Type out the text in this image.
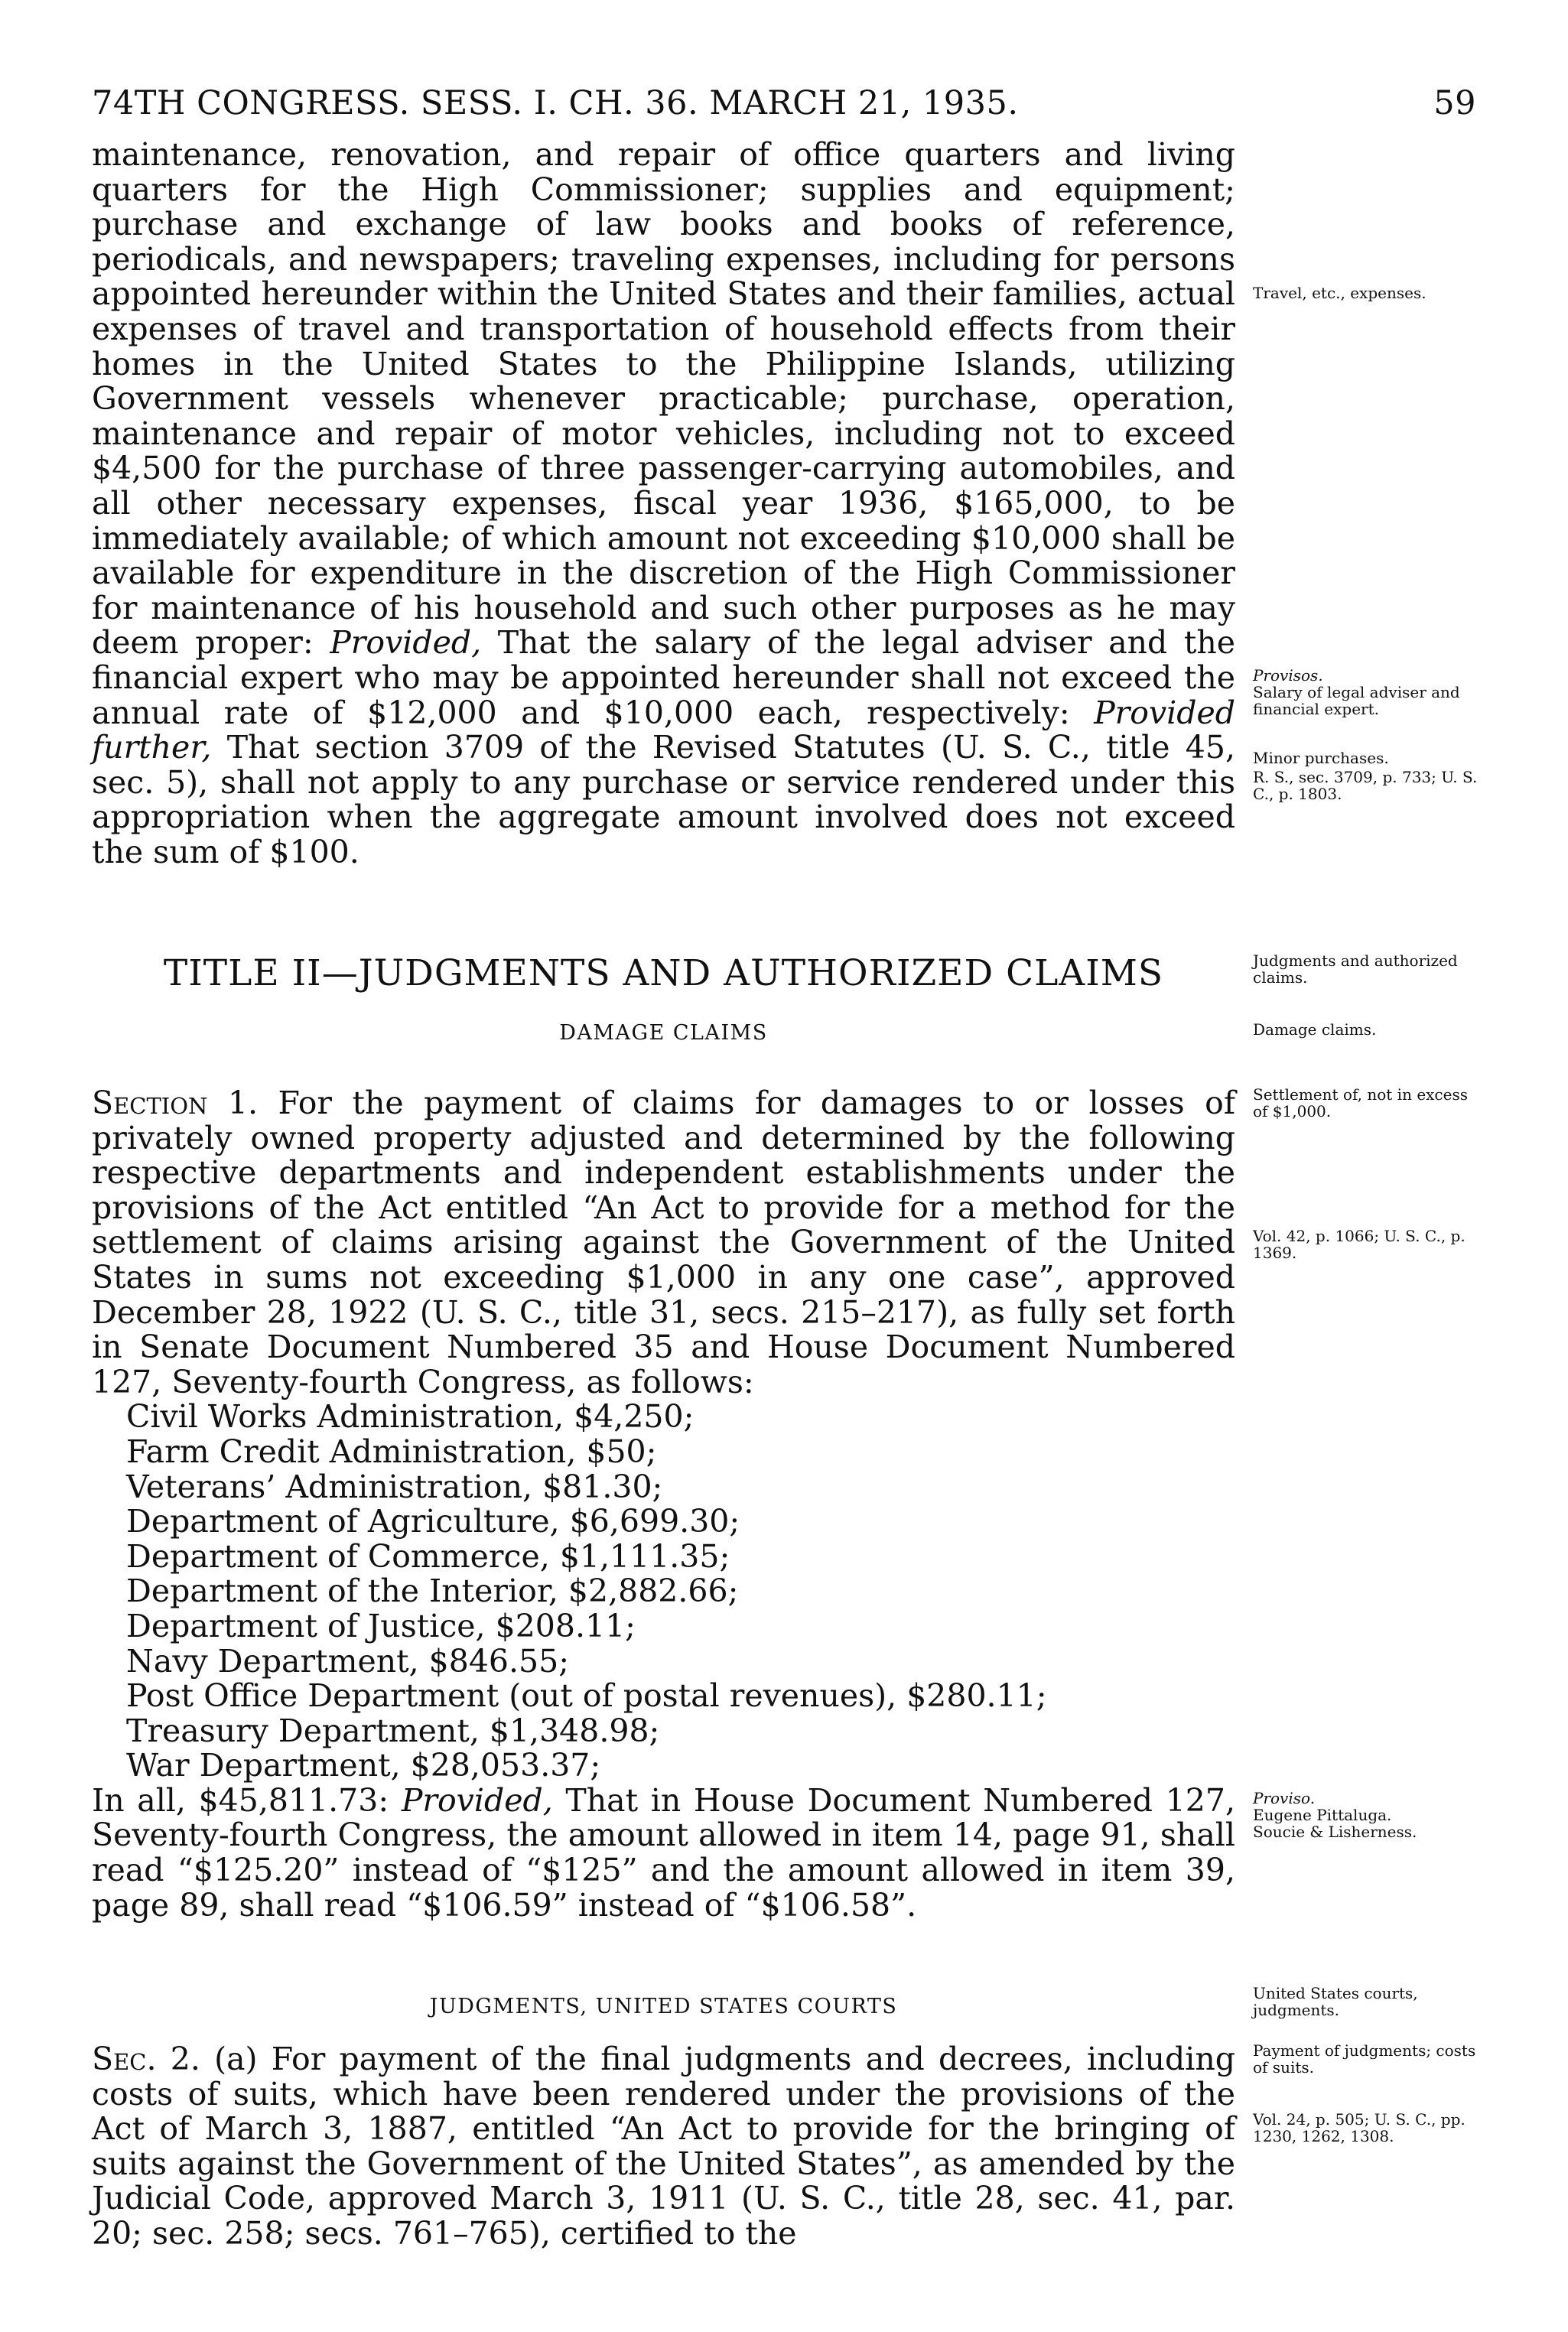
74TH CONGRESS. SESS. I. CH. 36. MARCH 21, 1935.	59

maintenance, renovation, and repair of office quarters and living quarters for the High Commissioner; supplies and equipment; purchase and exchange of law books and books of reference, periodicals, and newspapers; traveling expenses, including for persons appointed hereunder within the United States and their families, actual expenses of travel and transportation of household effects from their homes in the United States to the Philippine Islands, utilizing Government vessels whenever practicable; purchase, operation, maintenance and repair of motor vehicles, including not to exceed $4,500 for the purchase of three passenger-carrying automobiles, and all other necessary expenses, fiscal year 1936, $165,000, to be immediately available; of which amount not exceeding $10,000 shall be available for expenditure in the discretion of the High Commissioner for maintenance of his household and such other purposes as he may deem proper: Provided, That the salary of the legal adviser and the financial expert who may be appointed hereunder shall not exceed the annual rate of $12,000 and $10,000 each, respectively: Provided further, That section 3709 of the Revised Statutes (U. S. C., title 45, sec. 5), shall not apply to any purchase or service rendered under this appropriation when the aggregate amount involved does not exceed the sum of $100.

Travel, etc., expenses.
Provisos.
Salary of legal adviser and financial expert.
Minor purchases.
R. S., sec. 3709, p. 733; U. S. C., p. 1803.
TITLE II—JUDGMENTS AND AUTHORIZED CLAIMS	Judgments and authorized claims.
DAMAGE CLAIMS	Damage claims.
Section 1. For the payment of claims for damages to or losses of privately owned property adjusted and determined by the following respective departments and independent establishments under the provisions of the Act entitled “An Act to provide for a method for the settlement of claims arising against the Government of the United States in sums not exceeding $1,000 in any one case”, approved December 28, 1922 (U. S. C., title 31, secs. 215–217), as fully set forth in Senate Document Numbered 35 and House Document Numbered 127, Seventy-fourth Congress, as follows:
Civil Works Administration, $4,250;
Farm Credit Administration, $50;
Veterans’ Administration, $81.30;
Department of Agriculture, $6,699.30;
Department of Commerce, $1,111.35;
Department of the Interior, $2,882.66;
Department of Justice, $208.11;
Navy Department, $846.55;
Post Office Department (out of postal revenues), $280.11;
Treasury Department, $1,348.98;
War Department, $28,053.37;
In all, $45,811.73: Provided, That in House Document Numbered 127, Seventy-fourth Congress, the amount allowed in item 14, page 91, shall read “$125.20” instead of “$125” and the amount allowed in item 39, page 89, shall read “$106.59” instead of “$106.58”.
Settlement of, not in excess of $1,000.
Vol. 42, p. 1066; U. S. C., p. 1369.
Proviso.
Eugene Pittaluga.
Soucie & Lisherness.
JUDGMENTS, UNITED STATES COURTS
United States courts, judgments.
Sec. 2. (a) For payment of the final judgments and decrees, including costs of suits, which have been rendered under the provisions of the Act of March 3, 1887, entitled “An Act to provide for the bringing of suits against the Government of the United States”, as amended by the Judicial Code, approved March 3, 1911 (U. S. C., title 28, sec. 41, par. 20; sec. 258; secs. 761–765), certified to the
Payment of judgments; costs of suits.
Vol. 24, p. 505; U. S. C., pp. 1230, 1262, 1308.
